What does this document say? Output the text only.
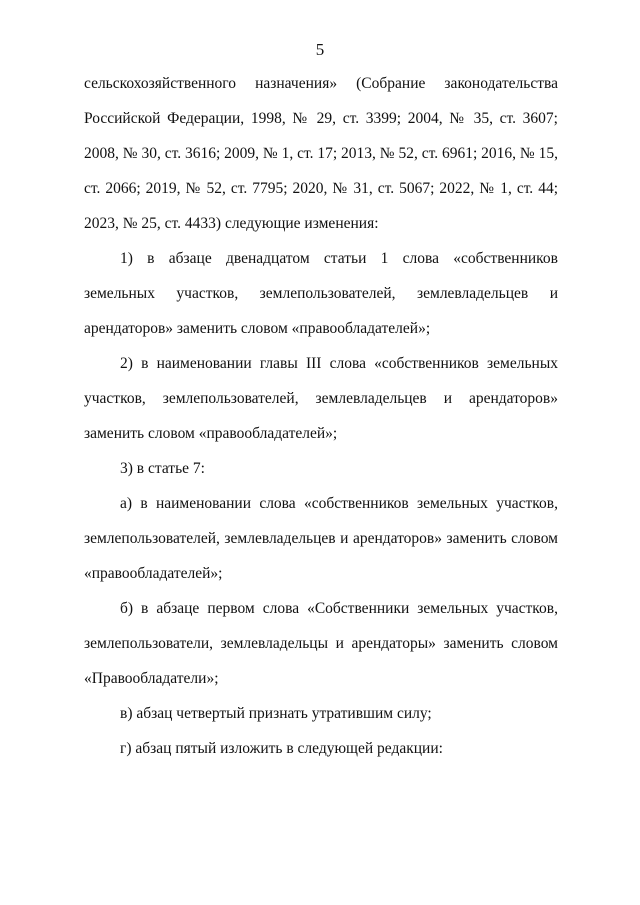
5

сельскохозяйственного назначения» (Собрание законодательства Российской Федерации, 1998, № 29, ст. 3399; 2004, № 35, ст. 3607; 2008, № 30, ст. 3616; 2009, № 1, ст. 17; 2013, № 52, ст. 6961; 2016, № 15, ст. 2066; 2019, № 52, ст. 7795; 2020, № 31, ст. 5067; 2022, № 1, ст. 44; 2023, № 25, ст. 4433) следующие изменения:

1) в абзаце двенадцатом статьи 1 слова «собственников земельных участков, землепользователей, землевладельцев и арендаторов» заменить словом «правообладателей»;

2) в наименовании главы III слова «собственников земельных участков, землепользователей, землевладельцев и арендаторов» заменить словом «правообладателей»;

3) в статье 7:

а) в наименовании слова «собственников земельных участков, землепользователей, землевладельцев и арендаторов» заменить словом «правообладателей»;

б) в абзаце первом слова «Собственники земельных участков, землепользователи, землевладельцы и арендаторы» заменить словом «Правообладатели»;

в) абзац четвертый признать утратившим силу;

г) абзац пятый изложить в следующей редакции:
